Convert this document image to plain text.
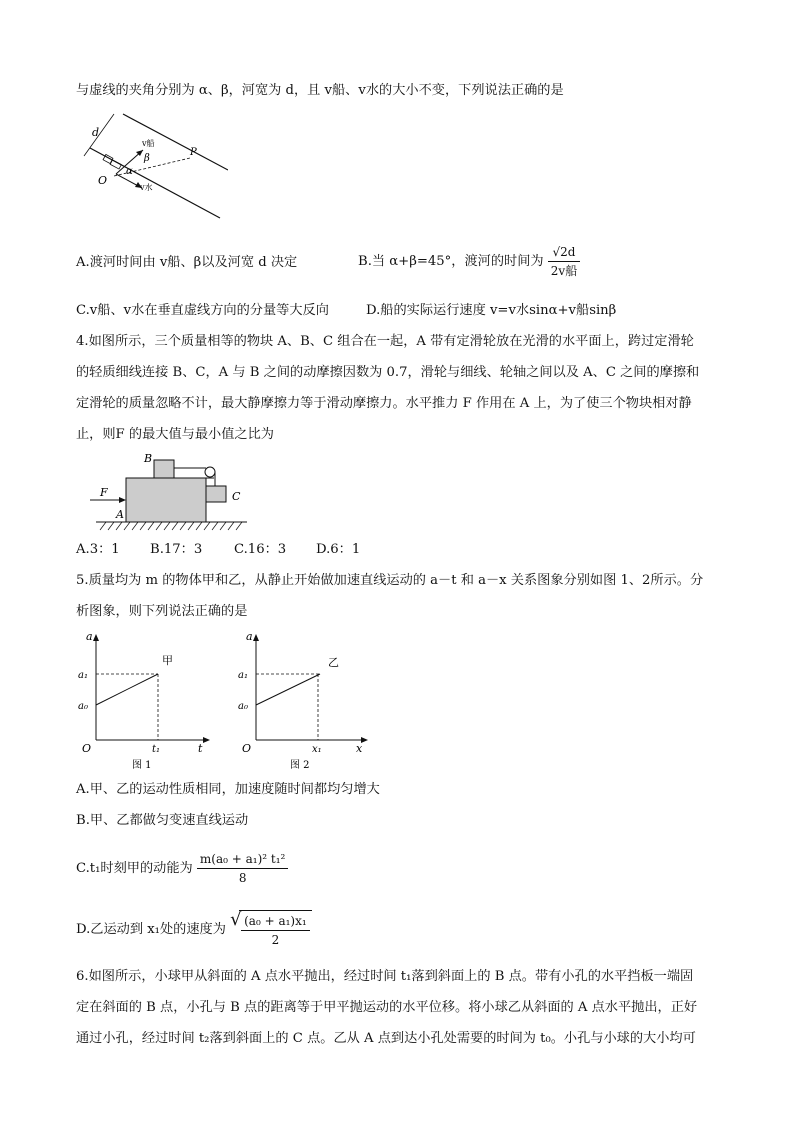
与虚线的夹角分别为 α、β，河宽为 d，且 v船、v水的大小不变，下列说法正确的是
d
v船
β
P
O
α
v水
A.渡河时间由 v船、β以及河宽 d 决定	B.当 α+β=45°，渡河的时间为 $\frac{√2d}{\text{2v船}}$
C.v船、v水在垂直虚线方向的分量等大反向	D.船的实际运行速度 v=v水sinα+v船sinβ
4.如图所示，三个质量相等的物块 A、B、C 组合在一起，A 带有定滑轮放在光滑的水平面上，跨过定滑轮
的轻质细线连接 B、C，A 与 B 之间的动摩擦因数为 0.7，滑轮与细线、轮轴之间以及 A、C 之间的摩擦和
定滑轮的质量忽略不计，最大静摩擦力等于滑动摩擦力。水平推力 F 作用在 A 上，为了使三个物块相对静
止，则F 的最大值与最小值之比为
B
C
F
A
A.3：1 B.17：3 C.16：3 D.6：1
5.质量均为 m 的物体甲和乙，从静止开始做加速直线运动的 a－t 和 a－x 关系图象分别如图 1、2所示。分
析图象，则下列说法正确的是
a
a₁
a₀
O	t₁	t
甲
图 1
a
a₁
a₀
O	x₁	x
乙
图 2
A.甲、乙的运动性质相同，加速度随时间都均匀增大
B.甲、乙都做匀变速直线运动
C.t₁时刻甲的动能为 $\frac{\text{m(a₀ + a₁)² t₁²}}{8}$
D.乙运动到 x₁处的速度为 √ $\frac{\text{(a₀ + a₁)x₁}}{2}$
6.如图所示，小球甲从斜面的 A 点水平抛出，经过时间 t₁落到斜面上的 B 点。带有小孔的水平挡板一端固
定在斜面的 B 点，小孔与 B 点的距离等于甲平抛运动的水平位移。将小球乙从斜面的 A 点水平抛出，正好
通过小孔，经过时间 t₂落到斜面上的 C 点。乙从 A 点到达小孔处需要的时间为 t₀。小孔与小球的大小均可
